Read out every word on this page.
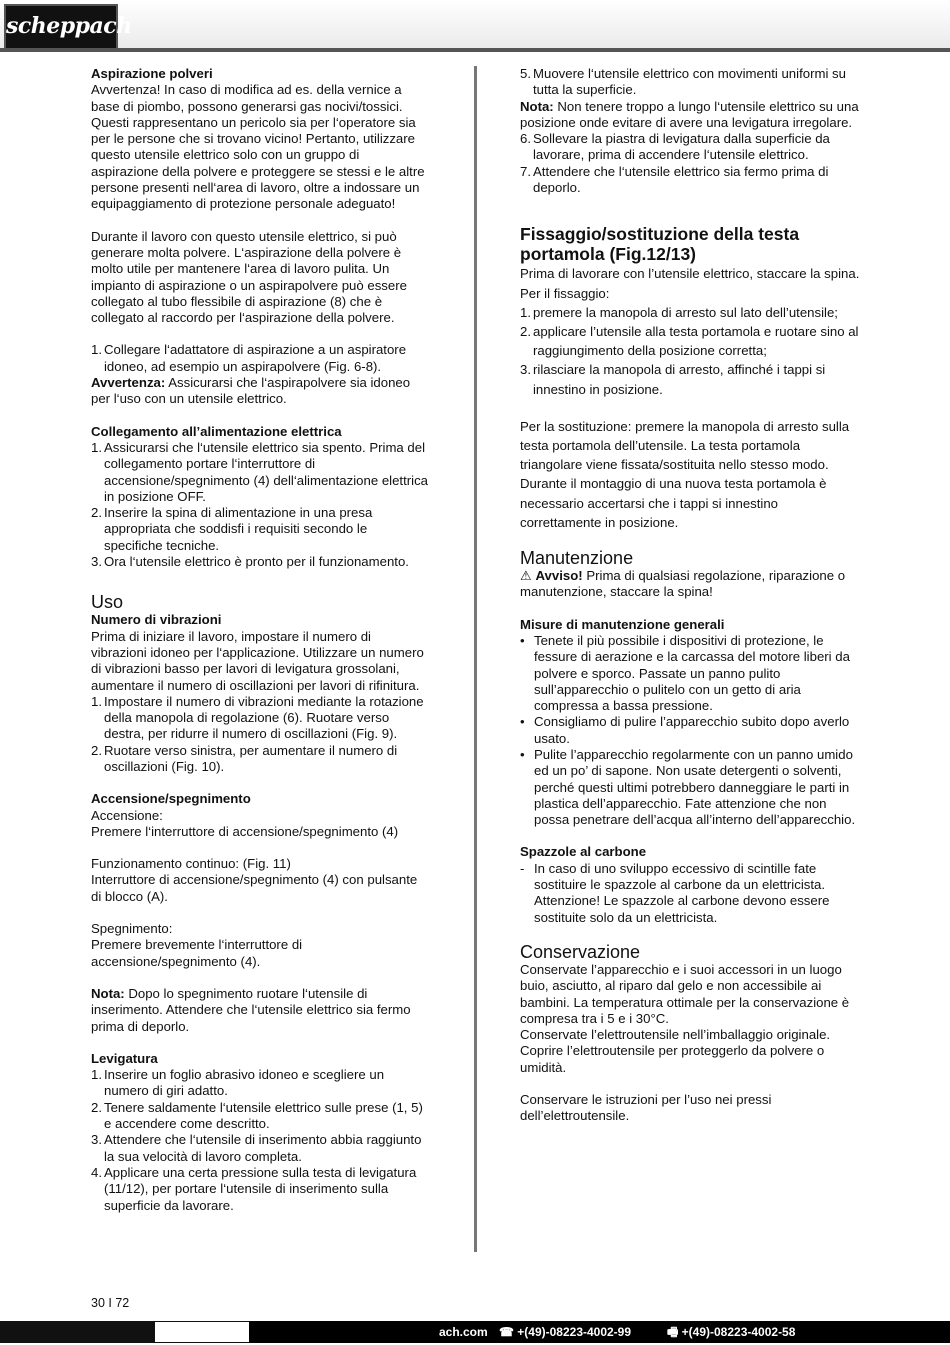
scheppach

Aspirazione polveri

Avvertenza! In caso di modifica ad es. della vernice a base di piombo, possono generarsi gas nocivi/tossici. Questi rappresentano un pericolo sia per l‘operatore sia per le persone che si trovano vicino! Pertanto, utilizzare questo utensile elettrico solo con un gruppo di aspirazione della polvere e proteggere se stessi e le altre persone presenti nell‘area di lavoro, oltre a indossare un equipaggiamento di protezione personale adeguato!

Durante il lavoro con questo utensile elettrico, si può generare molta polvere. L‘aspirazione della polvere è molto utile per mantenere l‘area di lavoro pulita. Un impianto di aspirazione o un aspirapolvere può essere collegato al tubo flessibile di aspirazione (8) che è collegato al raccordo per l‘aspirazione della polvere.

1. Collegare l‘adattatore di aspirazione a un aspiratore idoneo, ad esempio un aspirapolvere (Fig. 6-8).

Avvertenza: Assicurarsi che l‘aspirapolvere sia idoneo per l‘uso con un utensile elettrico.

Collegamento all’alimentazione elettrica

1. Assicurarsi che l‘utensile elettrico sia spento. Prima del collegamento portare l‘interruttore di accensione/spegnimento (4) dell‘alimentazione elettrica in posizione OFF.
2. Inserire la spina di alimentazione in una presa appropriata che soddisfi i requisiti secondo le specifiche tecniche.
3. Ora l‘utensile elettrico è pronto per il funzionamento.

Uso

Numero di vibrazioni

Prima di iniziare il lavoro, impostare il numero di vibrazioni idoneo per l‘applicazione. Utilizzare un numero di vibrazioni basso per lavori di levigatura grossolani, aumentare il numero di oscillazioni per lavori di rifinitura.

1. Impostare il numero di vibrazioni mediante la rotazione della manopola di regolazione (6). Ruotare verso destra, per ridurre il numero di oscillazioni (Fig. 9).
2. Ruotare verso sinistra, per aumentare il numero di oscillazioni (Fig. 10).

Accensione/spegnimento

Accensione:

Premere l‘interruttore di accensione/spegnimento (4)

Funzionamento continuo: (Fig. 11)

Interruttore di accensione/spegnimento (4) con pulsante di blocco (A).

Spegnimento:

Premere brevemente l‘interruttore di accensione/spegnimento (4).

Nota: Dopo lo spegnimento ruotare l‘utensile di inserimento. Attendere che l‘utensile elettrico sia fermo prima di deporlo.

Levigatura

1. Inserire un foglio abrasivo idoneo e scegliere un numero di giri adatto.
2. Tenere saldamente l‘utensile elettrico sulle prese (1, 5) e accendere come descritto.
3. Attendere che l‘utensile di inserimento abbia raggiunto la sua velocità di lavoro completa.
4. Applicare una certa pressione sulla testa di levigatura (11/12), per portare l‘utensile di inserimento sulla superficie da lavorare.
5. Muovere l‘utensile elettrico con movimenti uniformi su tutta la superficie.

Nota: Non tenere troppo a lungo l‘utensile elettrico su una posizione onde evitare di avere una levigatura irregolare.

6. Sollevare la piastra di levigatura dalla superficie da lavorare, prima di accendere l‘utensile elettrico.
7. Attendere che l‘utensile elettrico sia fermo prima di deporlo.

Fissaggio/sostituzione della testa portamola (Fig.12/13)

Prima di lavorare con l’utensile elettrico, staccare la spina.

Per il fissaggio:

1. premere la manopola di arresto sul lato dell’utensile;
2. applicare l’utensile alla testa portamola e ruotare sino al raggiungimento della posizione corretta;
3. rilasciare la manopola di arresto, affinché i tappi si innestino in posizione.

Per la sostituzione: premere la manopola di arresto sulla testa portamola dell’utensile. La testa portamola triangolare viene fissata/sostituita nello stesso modo. Durante il montaggio di una nuova testa portamola è necessario accertarsi che i tappi si innestino correttamente in posizione.

Manutenzione

⚠ Avviso! Prima di qualsiasi regolazione, riparazione o manutenzione, staccare la spina!

Misure di manutenzione generali

• Tenete il più possibile i dispositivi di protezione, le fessure di aerazione e la carcassa del motore liberi da polvere e sporco. Passate un panno pulito sull’apparecchio o pulitelo con un getto di aria compressa a bassa pressione.
• Consigliamo di pulire l’apparecchio subito dopo averlo usato.
• Pulite l’apparecchio regolarmente con un panno umido ed un po’ di sapone. Non usate detergenti o solventi, perché questi ultimi potrebbero danneggiare le parti in plastica dell’apparecchio. Fate attenzione che non possa penetrare dell’acqua all’interno dell’apparecchio.

Spazzole al carbone

- In caso di uno sviluppo eccessivo di scintille fate sostituire le spazzole al carbone da un elettricista. Attenzione! Le spazzole al carbone devono essere sostituite solo da un elettricista.

Conservazione

Conservate l’apparecchio e i suoi accessori in un luogo buio, asciutto, al riparo dal gelo e non accessibile ai bambini. La temperatura ottimale per la conservazione è compresa tra i 5 e i 30°C.

Conservate l’elettroutensile nell’imballaggio originale.

Coprire l’elettroutensile per proteggerlo da polvere o umidità.

Conservare le istruzioni per l’uso nei pressi dell’elettroutensile.

30 I 72
ach.com ☎ +(49)-08223-4002-99	🖷 +(49)-08223-4002-58
